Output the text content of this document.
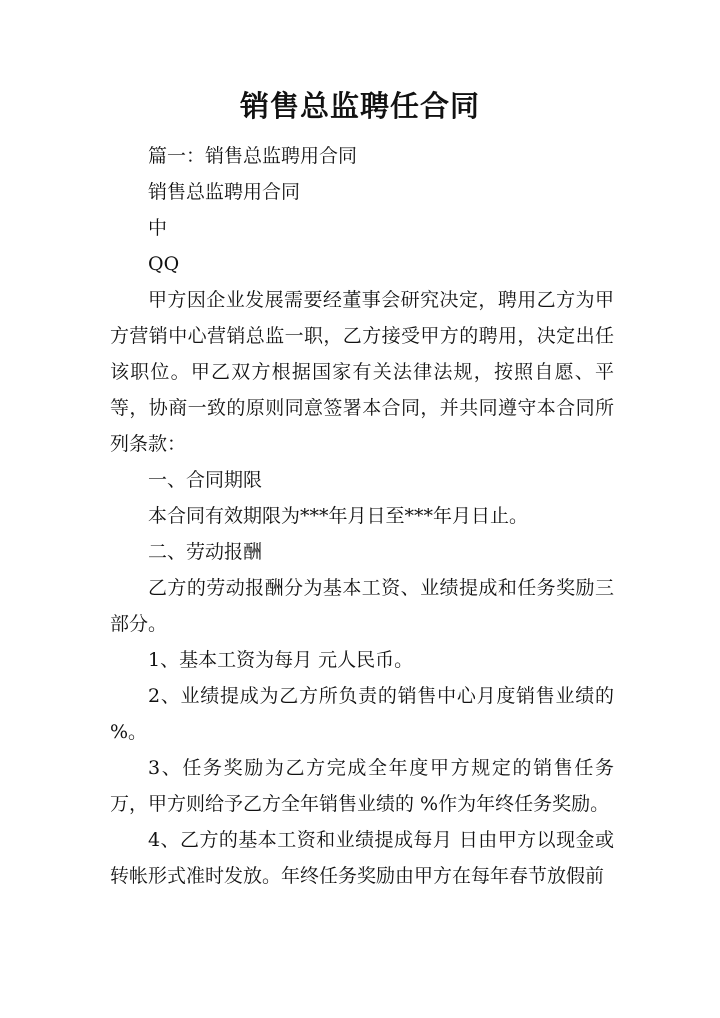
销售总监聘任合同

篇一：销售总监聘用合同

销售总监聘用合同

中

QQ

甲方因企业发展需要经董事会研究决定，聘用乙方为甲方营销中心营销总监一职，乙方接受甲方的聘用，决定出任该职位。甲乙双方根据国家有关法律法规，按照自愿、平等，协商一致的原则同意签署本合同，并共同遵守本合同所列条款：

一、合同期限

本合同有效期限为***年月日至***年月日止。

二、劳动报酬

乙方的劳动报酬分为基本工资、业绩提成和任务奖励三部分。

1、基本工资为每月 元人民币。

2、业绩提成为乙方所负责的销售中心月度销售业绩的 %。

3、任务奖励为乙方完成全年度甲方规定的销售任务 万，甲方则给予乙方全年销售业绩的 %作为年终任务奖励。

4、乙方的基本工资和业绩提成每月 日由甲方以现金或转帐形式准时发放。年终任务奖励由甲方在每年春节放假前
